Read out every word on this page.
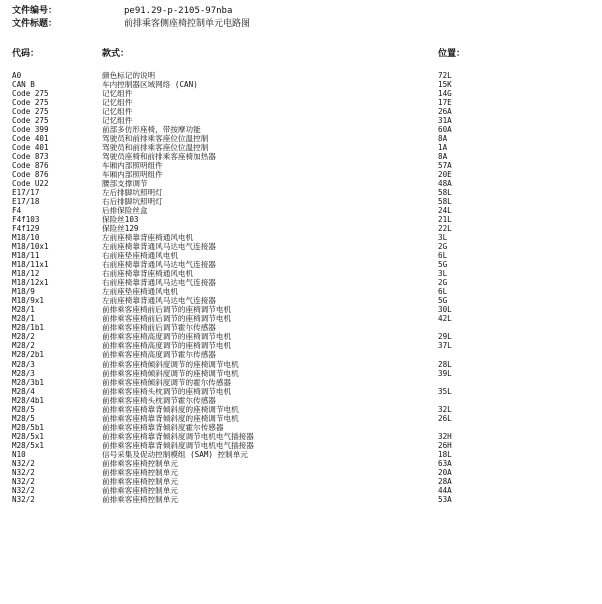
文件编号：	pe91.29-p-2105-97nba
文件标题：	前排乘客侧座椅控制单元电路图
代码：	款式：	位置：
A0	颜色标记的说明	72L
CAN B	车内控制器区域网络 (CAN)	15K
Code 275	记忆组件	14G
Code 275	记忆组件	17E
Code 275	记忆组件	26A
Code 275	记忆组件	31A
Code 399	前部多仿形座椅，带按摩功能	60A
Code 401	驾驶员和前排乘客座位位温控制	8A
Code 401	驾驶员和前排乘客座位位温控制	1A
Code 873	驾驶员座椅和前排乘客座椅加热器	8A
Code 876	车厢内部照明组件	57A
Code 876	车厢内部照明组件	20E
Code U22	腰部支撑调节	48A
E17/17	左后排脚坑照明灯	58L
E17/18	右后排脚坑照明灯	58L
F4	后排保险丝盒	24L
F4f103	保险丝103	21L
F4f129	保险丝129	22L
M18/10	左前座椅靠背座椅通风电机	3L
M18/10x1	左前座椅靠背通风马达电气连接器	2G
M18/11	右前座垫座椅通风电机	6L
M18/11x1	右前座椅靠背通风马达电气连接器	5G
M18/12	右前座椅靠背座椅通风电机	3L
M18/12x1	右前座椅靠背通风马达电气连接器	2G
M18/9	左前座垫座椅通风电机	6L
M18/9x1	左前座椅靠背通风马达电气连接器	5G
M28/1	前排乘客座椅前后调节的座椅调节电机	30L
M28/1	前排乘客座椅前后调节的座椅调节电机	42L
M28/1b1	前排乘客座椅前后调节霍尔传感器
M28/2	前排乘客座椅高度调节的座椅调节电机	29L
M28/2	前排乘客座椅高度调节的座椅调节电机	37L
M28/2b1	前排乘客座椅高度调节霍尔传感器
M28/3	前排乘客座椅倾斜度调节的座椅调节电机	28L
M28/3	前排乘客座椅倾斜度调节的座椅调节电机	39L
M28/3b1	前排乘客座椅倾斜度调节的霍尔传感器
M28/4	前排乘客座椅头枕调节的座椅调节电机	35L
M28/4b1	前排乘客座椅头枕调节霍尔传感器
M28/5	前排乘客座椅靠背倾斜度的座椅调节电机	32L
M28/5	前排乘客座椅靠背倾斜度的座椅调节电机	26L
M28/5b1	前排乘客座椅靠背倾斜度霍尔传感器
M28/5x1	前排乘客座椅靠背倾斜度调节电机电气插接器	32H
M28/5x1	前排乘客座椅靠背倾斜度调节电机电气插接器	26H
N10	信号采集及促动控制模组 (SAM) 控制单元	18L
N32/2	前排乘客座椅控制单元	63A
N32/2	前排乘客座椅控制单元	20A
N32/2	前排乘客座椅控制单元	28A
N32/2	前排乘客座椅控制单元	44A
N32/2	前排乘客座椅控制单元	53A
